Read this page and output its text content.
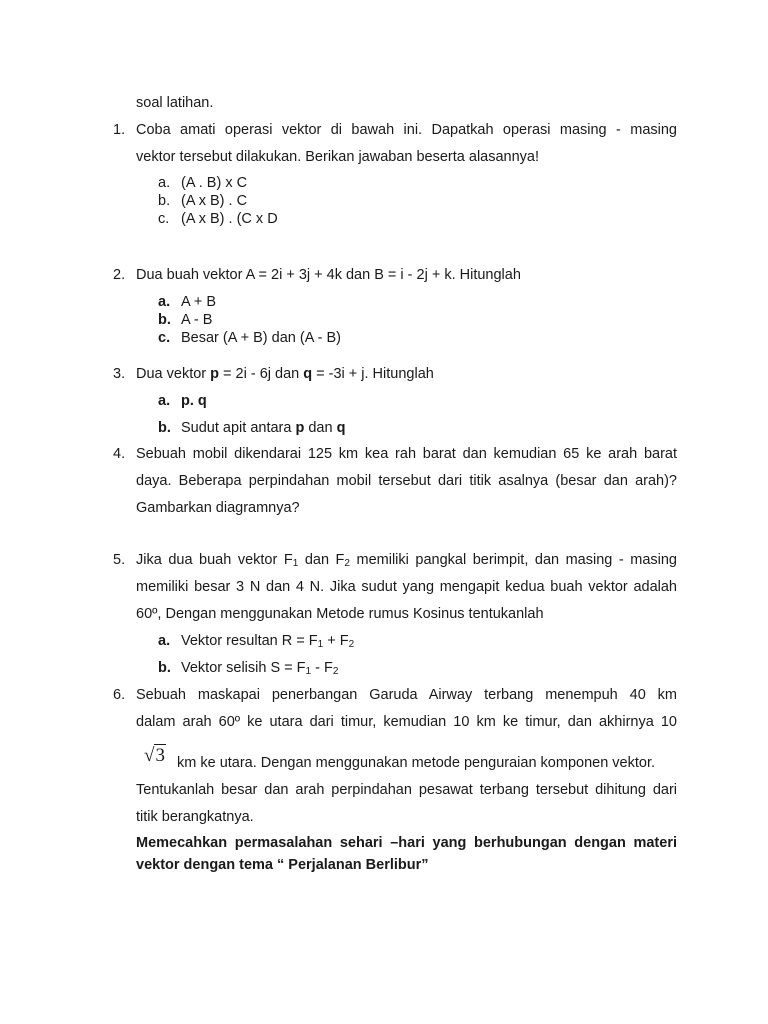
soal latihan.
1. Coba amati operasi vektor di bawah ini. Dapatkah operasi masing - masing
vektor tersebut dilakukan. Berikan jawaban beserta alasannya!
a. (A . B) x C
b. (A x B) . C
c. (A x B) . (C x D
2. Dua buah vektor A = 2i + 3j + 4k dan B = i - 2j + k. Hitunglah
a. A + B
b. A - B
c. Besar (A + B) dan (A - B)
3. Dua vektor p = 2i - 6j dan q = -3i + j. Hitunglah
a. p. q
b. Sudut apit antara p dan q
4. Sebuah mobil dikendarai 125 km kea rah barat dan kemudian 65 ke arah barat
daya. Beberapa perpindahan mobil tersebut dari titik asalnya (besar dan arah)?
Gambarkan diagramnya?
5. Jika dua buah vektor $F_1$ dan $F_2$ memiliki pangkal berimpit, dan masing - masing
memiliki besar 3 N dan 4 N. Jika sudut yang mengapit kedua buah vektor adalah
60º, Dengan menggunakan Metode rumus Kosinus tentukanlah
a. Vektor resultan $R = F_1 + F_2$
b. Vektor selisih $S = F_1 - F_2$
6. Sebuah maskapai penerbangan Garuda Airway terbang menempuh 40 km
dalam arah 60º ke utara dari timur, kemudian 10 km ke timur, dan akhirnya 10
√3 km ke utara. Dengan menggunakan metode penguraian komponen vektor.
Tentukanlah besar dan arah perpindahan pesawat terbang tersebut dihitung dari
titik berangkatnya.
Memecahkan permasalahan sehari –hari yang berhubungan dengan materi
vektor dengan tema “ Perjalanan Berlibur”
